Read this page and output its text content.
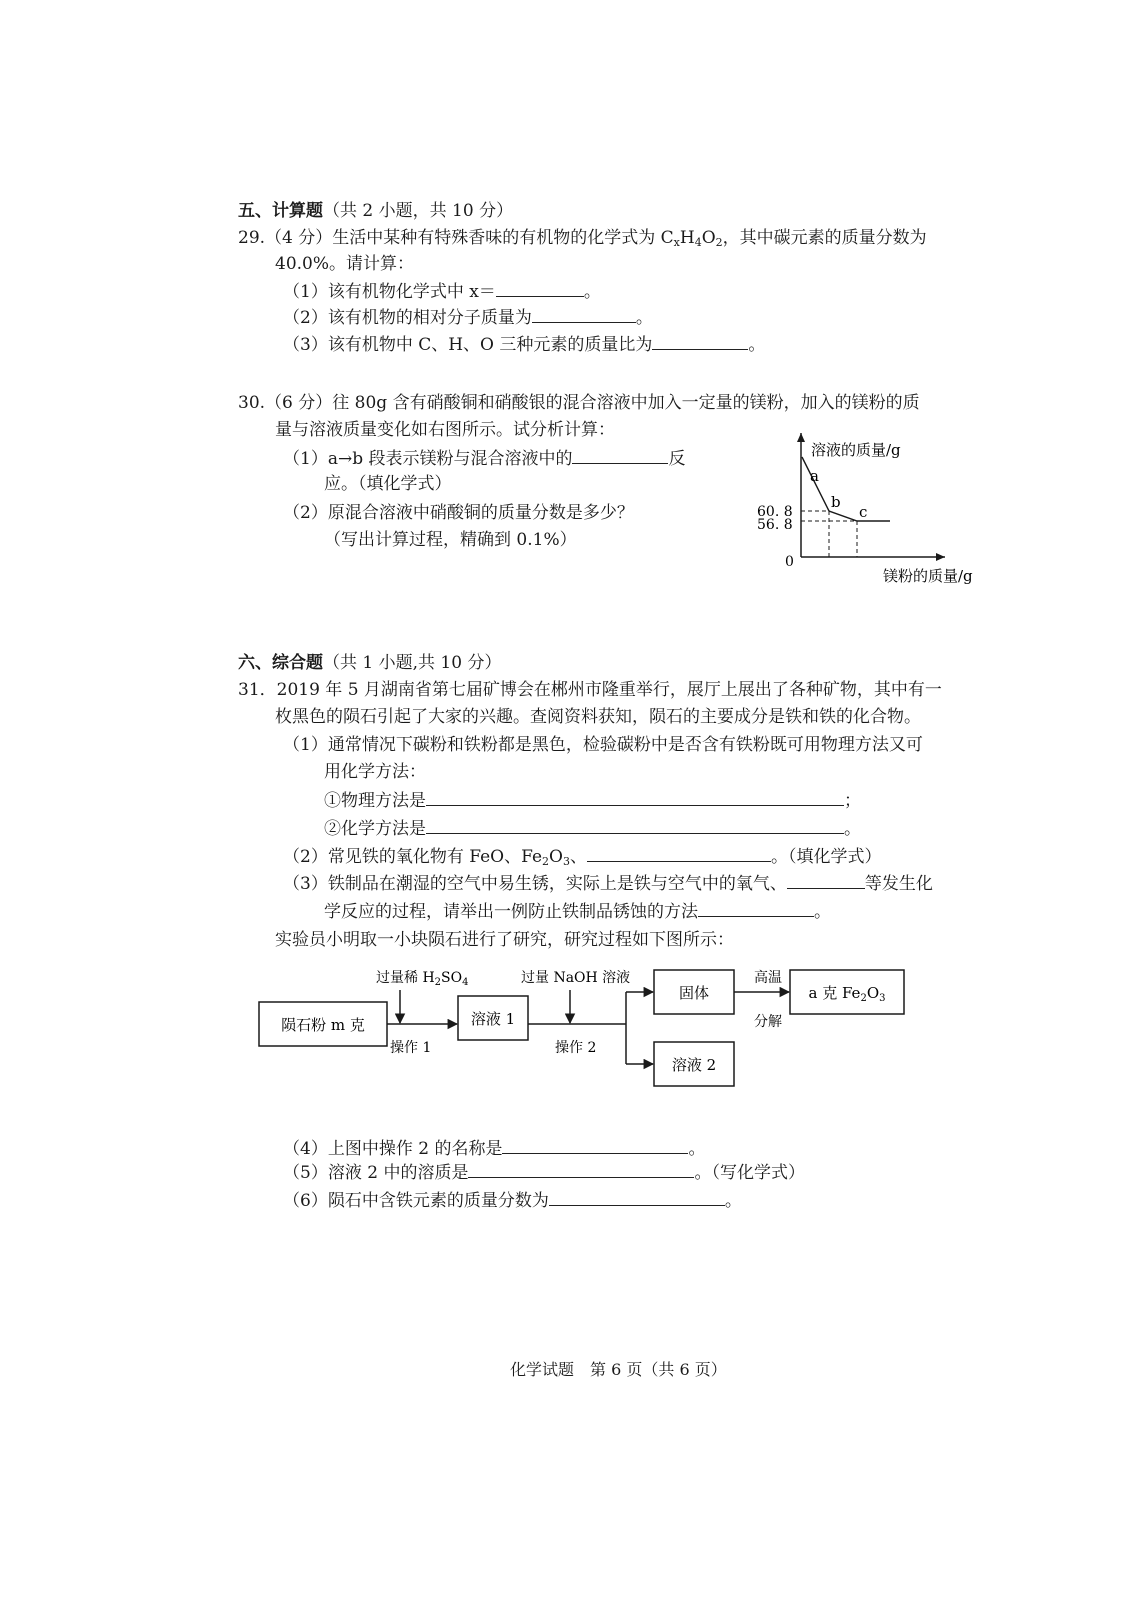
五、计算题（共 2 小题，共 10 分）
29.（4 分）生活中某种有特殊香味的有机物的化学式为 $C_xH_4O_2$，其中碳元素的质量分数为
40.0%。请计算：
（1）该有机物化学式中 x＝	。
（2）该有机物的相对分子质量为	。
（3）该有机物中 C、H、O 三种元素的质量比为	。
30.（6 分）往 80g 含有硝酸铜和硝酸银的混合溶液中加入一定量的镁粉，加入的镁粉的质
量与溶液质量变化如右图所示。试分析计算：
（1）a→b 段表示镁粉与混合溶液中的	反
应。（填化学式）
（2）原混合溶液中硝酸铜的质量分数是多少？
（写出计算过程，精确到 0.1%）
溶液的质量/g
镁粉的质量/g
0
60. 8
56. 8
a
b
c
六、综合题（共 1 小题,共 10 分）
31．2019 年 5 月湖南省第七届矿博会在郴州市隆重举行，展厅上展出了各种矿物，其中有一
枚黑色的陨石引起了大家的兴趣。查阅资料获知，陨石的主要成分是铁和铁的化合物。
（1）通常情况下碳粉和铁粉都是黑色，检验碳粉中是否含有铁粉既可用物理方法又可
用化学方法：
①物理方法是	；
②化学方法是	。
（2）常见铁的氧化物有 FeO、$Fe_2O_3$、	。（填化学式）
（3）铁制品在潮湿的空气中易生锈，实际上是铁与空气中的氧气、	等发生化
学反应的过程，请举出一例防止铁制品锈蚀的方法	。
实验员小明取一小块陨石进行了研究，研究过程如下图所示：
陨石粉 m 克	溶液 1
固体
溶液 2
a 克 $Fe_2O_3$
过量稀 $H_2SO_4$	过量 NaOH 溶液
操作 1	操作 2
高温
分解
（4）上图中操作 2 的名称是	。
（5）溶液 2 中的溶质是	。（写化学式）
（6）陨石中含铁元素的质量分数为	。
化学试题　第 6 页（共 6 页）
